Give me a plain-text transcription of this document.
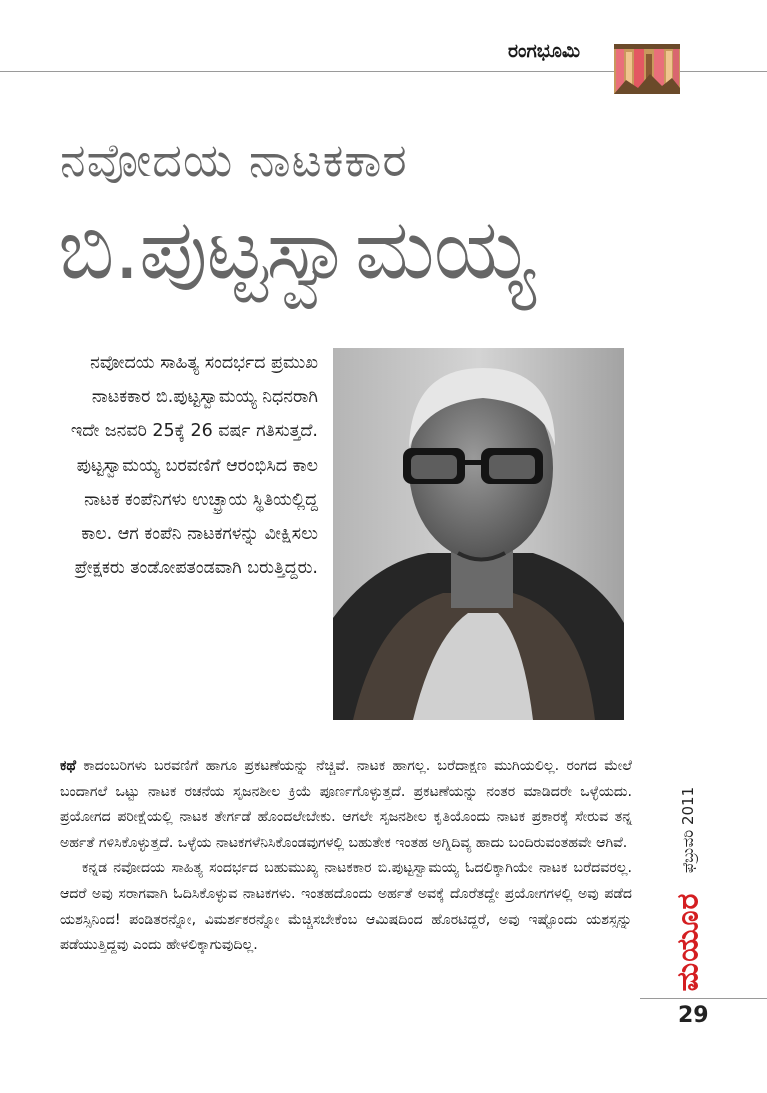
ರಂಗಭೂಮಿ
ನವೋದಯ ನಾಟಕಕಾರ
ಬಿ.ಪುಟ್ಟಸ್ವಾಮಯ್ಯ
ನವೋದಯ ಸಾಹಿತ್ಯ ಸಂದರ್ಭದ ಪ್ರಮುಖ ನಾಟಕಕಾರ ಬಿ.ಪುಟ್ಟಸ್ವಾಮಯ್ಯ ನಿಧನರಾಗಿ ಇದೇ ಜನವರಿ 25ಕ್ಕೆ 26 ವರ್ಷ ಗತಿಸುತ್ತದೆ. ಪುಟ್ಟಸ್ವಾಮಯ್ಯ ಬರವಣಿಗೆ ಆರಂಭಿಸಿದ ಕಾಲ ನಾಟಕ ಕಂಪೆನಿಗಳು ಉಚ್ಛ್ರಾಯ ಸ್ಥಿತಿಯಲ್ಲಿದ್ದ ಕಾಲ. ಆಗ ಕಂಪೆನಿ ನಾಟಕಗಳನ್ನು ವೀಕ್ಷಿಸಲು ಪ್ರೇಕ್ಷಕರು ತಂಡೋಪತಂಡವಾಗಿ ಬರುತ್ತಿದ್ದರು.

ಕಥೆ ಕಾದಂಬರಿಗಳು ಬರವಣಿಗೆ ಹಾಗೂ ಪ್ರಕಟಣೆಯನ್ನು ನೆಚ್ಚಿವೆ. ನಾಟಕ ಹಾಗಲ್ಲ. ಬರೆದಾಕ್ಷಣ ಮುಗಿಯಲಿಲ್ಲ. ರಂಗದ ಮೇಲೆ ಬಂದಾಗಲೆ ಒಟ್ಟು ನಾಟಕ ರಚನೆಯ ಸೃಜನಶೀಲ ಕ್ರಿಯೆ ಪೂರ್ಣಗೊಳ್ಳುತ್ತದೆ. ಪ್ರಕಟಣೆಯನ್ನು ನಂತರ ಮಾಡಿದರೇ ಒಳ್ಳೆಯದು. ಪ್ರಯೋಗದ ಪರೀಕ್ಷೆಯಲ್ಲಿ ನಾಟಕ ತೇರ್ಗಡೆ ಹೊಂದಲೇಬೇಕು. ಆಗಲೇ ಸೃಜನಶೀಲ ಕೃತಿಯೊಂದು ನಾಟಕ ಪ್ರಕಾರಕ್ಕೆ ಸೇರುವ ತನ್ನ ಅರ್ಹತೆ ಗಳಿಸಿಕೊಳ್ಳುತ್ತದೆ. ಒಳ್ಳೆಯ ನಾಟಕಗಳೆನಿಸಿಕೊಂಡವುಗಳಲ್ಲಿ ಬಹುತೇಕ ಇಂತಹ ಅಗ್ನಿದಿವ್ಯ ಹಾದು ಬಂದಿರುವಂತಹವೇ ಆಗಿವೆ.

ಕನ್ನಡ ನವೋದಯ ಸಾಹಿತ್ಯ ಸಂದರ್ಭದ ಬಹುಮುಖ್ಯ ನಾಟಕಕಾರ ಬಿ.ಪುಟ್ಟಸ್ವಾಮಯ್ಯ ಓದಲಿಕ್ಕಾಗಿಯೇ ನಾಟಕ ಬರೆದವರಲ್ಲ. ಆದರೆ ಅವು ಸರಾಗವಾಗಿ ಓದಿಸಿಕೊಳ್ಳುವ ನಾಟಕಗಳು. ಇಂತಹದೊಂದು ಅರ್ಹತೆ ಅವಕ್ಕೆ ದೊರೆತದ್ದೇ ಪ್ರಯೋಗಗಳಲ್ಲಿ ಅವು ಪಡೆದ ಯಶಸ್ಸಿನಿಂದ! ಪಂಡಿತರನ್ನೋ, ವಿಮರ್ಶಕರನ್ನೋ ಮೆಚ್ಚಿಸಬೇಕೆಂಬ ಆಮಿಷದಿಂದ ಹೊರಟಿದ್ದರೆ, ಅವು ಇಷ್ಟೊಂದು ಯಶಸ್ಸನ್ನು ಪಡೆಯುತ್ತಿದ್ದವು ಎಂದು ಹೇಳಲಿಕ್ಕಾಗುವುದಿಲ್ಲ.

ಫೆಬ್ರುವರಿ 2011
ಮಯೂರ
29
